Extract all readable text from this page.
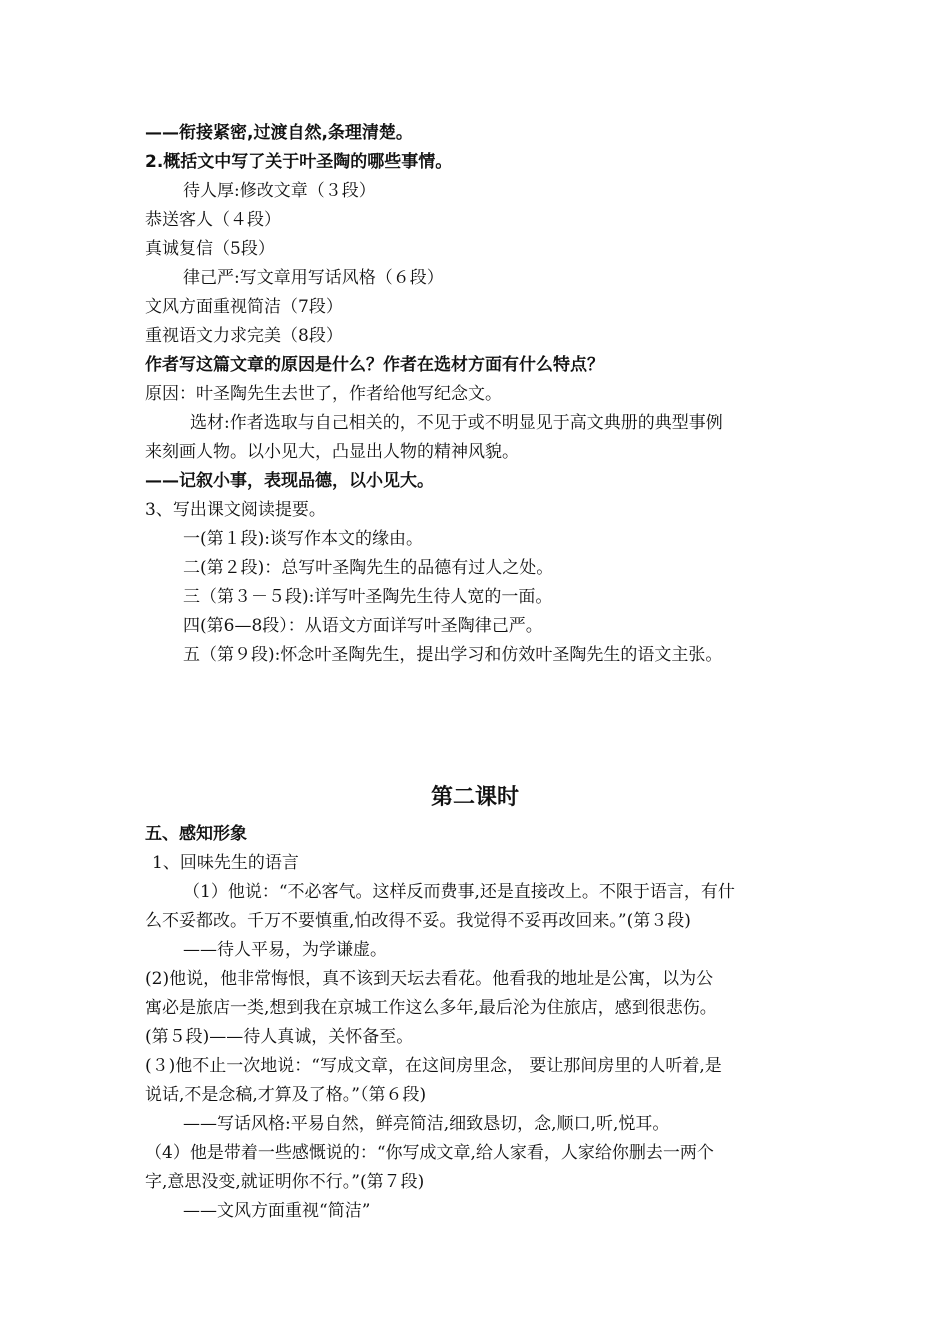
——衔接紧密,过渡自然,条理清楚。
2.概括文中写了关于叶圣陶的哪些事情。
待人厚:修改文章（３段）
恭送客人（４段）
真诚复信（5段）
律己严:写文章用写话风格（６段）
文风方面重视简洁（7段）
重视语文力求完美（8段）
作者写这篇文章的原因是什么？作者在选材方面有什么特点？
原因：叶圣陶先生去世了，作者给他写纪念文。
选材:作者选取与自己相关的，不见于或不明显见于高文典册的典型事例
来刻画人物。以小见大，凸显出人物的精神风貌。
——记叙小事，表现品德，以小见大。
3、写出课文阅读提要。
一(第１段):谈写作本文的缘由。
二(第２段)：总写叶圣陶先生的品德有过人之处。
三（第３－５段):详写叶圣陶先生待人宽的一面。
四(第6—8段）：从语文方面详写叶圣陶律己严。
五（第９段):怀念叶圣陶先生，提出学习和仿效叶圣陶先生的语文主张。
第二课时
五、感知形象
1、回味先生的语言
（1）他说：“不必客气。这样反而费事,还是直接改上。不限于语言，有什
么不妥都改。千万不要慎重,怕改得不妥。我觉得不妥再改回来。”(第３段)
——待人平易，为学谦虚。
(2)他说，他非常悔恨，真不该到天坛去看花。他看我的地址是公寓，以为公
寓必是旅店一类,想到我在京城工作这么多年,最后沦为住旅店，感到很悲伤。
(第５段)——待人真诚，关怀备至。
(３)他不止一次地说：“写成文章，在这间房里念， 要让那间房里的人听着,是
说话,不是念稿,才算及了格。”（第６段)
——写话风格:平易自然，鲜亮简洁,细致恳切，念,顺口,听,悦耳。
（4）他是带着一些感慨说的：“你写成文章,给人家看，人家给你删去一两个
字,意思没变,就证明你不行。”(第７段)
——文风方面重视“简洁”
